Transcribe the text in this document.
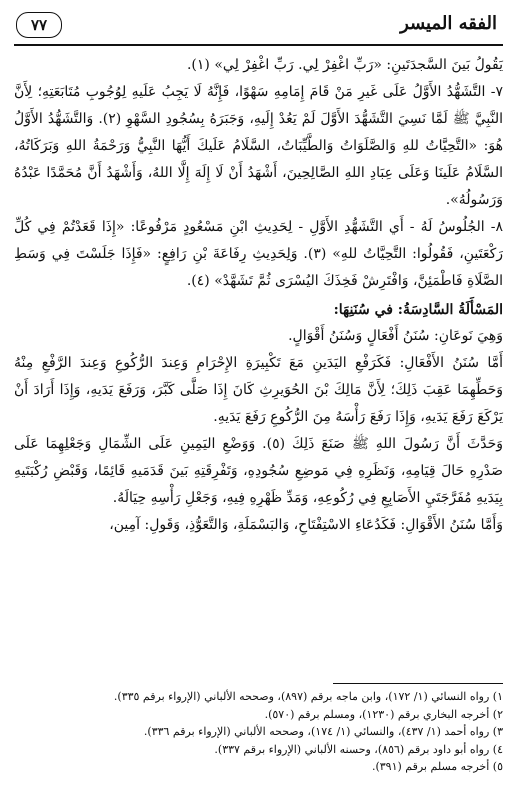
الفقه الميسر
٧٧

يَقُولُ بَينَ السَّجدَتَينِ: «رَبِّ اغْفِرْ لِي. رَبِّ اغْفِرْ لِي» (١).

٧- التَّشَهُّدُ الأَوَّلُ عَلَى غَيرِ مَنْ قَامَ إِمَامِهِ سَهْوًا، فَإِنَّهُ لَا يَجِبُ عَلَيهِ لِوُجُوبِ مُتَابَعَتِهِ؛ لِأَنَّ النَّبِيَّ ﷺ لَمَّا نَسِيَ التَّشَهُّدَ الأَوَّلَ لَمْ يَعُدْ إِلَيهِ، وَجَبَرَهُ بِسُجُودِ السَّهْوِ (٢). وَالتَّشَهُّدُ الأَوَّلُ هُوَ: «التَّحِيَّاتُ للهِ وَالصَّلَوَاتُ وَالطَّيِّبَاتُ، السَّلَامُ عَلَيكَ أَيُّهَا النَّبِيُّ وَرَحْمَةُ اللهِ وَبَرَكَاتُهُ، السَّلَامُ عَلَينَا وَعَلَى عِبَادِ اللهِ الصَّالِحِينَ، أَشْهَدُ أَنْ لَا إِلَهَ إِلَّا اللهُ، وَأَشْهَدُ أَنَّ مُحَمَّدًا عَبْدُهُ وَرَسُولُهُ».

٨- الجُلُوسُ لَهُ - أَي التَّشَهُّدِ الأَوَّلِ - لِحَدِيثِ ابْنِ مَسْعُودٍ مَرْفُوعًا: «إِذَا قَعَدْتُمْ فِي كُلِّ رَكْعَتَينِ، فَقُولُوا: التَّحِيَّاتُ للهِ» (٣). وَلِحَدِيثِ رِفَاعَةَ بْنِ رَافِعٍ: «فَإِذَا جَلَسْتَ فِي وَسَطِ الصَّلَاةِ فَاطْمَئِنَّ، وَافْتَرِشْ فَخِذَكَ اليُسْرَى ثُمَّ تَشَهَّدْ» (٤).

المَسْأَلَةُ السَّادِسَةُ: في سُنَنِهَا:

وَهِيَ نَوعَانِ: سُنَنُ أَفْعَالٍ وَسُنَنُ أَقْوَالٍ.

أَمَّا سُنَنُ الأَفْعَالِ: فَكَرَفْعِ اليَدَينِ مَعَ تَكْبِيرَةِ الإِحْرَامِ وَعِندَ الرُّكُوعِ وَعِندَ الرَّفْعِ مِنْهُ وَحَطِّهِمَا عَقِبَ ذَلِكَ؛ لِأَنَّ مَالِكَ بْنَ الحُوَيرِثِ كَانَ إِذَا صَلَّى كَبَّرَ، وَرَفَعَ يَدَيهِ، وَإِذَا أَرَادَ أَنْ يَرْكَعَ رَفَعَ يَدَيهِ، وَإِذَا رَفَعَ رَأْسَهُ مِنَ الرُّكُوعِ رَفَعَ يَدَيهِ.

وَحَدَّثَ أَنَّ رَسُولَ اللهِ ﷺ صَنَعَ ذَلِكَ (٥). وَوَضْعِ اليَمِينِ عَلَى الشِّمَالِ وَجَعْلِهِمَا عَلَى صَدْرِهِ حَالَ قِيَامِهِ، وَنَظَرِهِ فِي مَوضِعِ سُجُودِهِ، وَتَفْرِقَتِهِ بَينَ قَدَمَيهِ قَائِمًا، وَقَبْضِ رُكْبَتَيهِ بِيَدَيهِ مُفَرَّجَتَيِ الأَصَابِعِ فِي رُكُوعِهِ، وَمَدِّ ظَهْرِهِ فِيهِ، وَجَعْلِ رَأْسِهِ حِيَالَهُ.

وَأَمَّا سُنَنُ الأَقْوَالِ: فَكَدُعَاءِ الاسْتِفْتَاحِ، وَالبَسْمَلَةِ، وَالتَّعَوُّذِ، وَقَولِ: آمِين،

١) رواه النسائي (١/ ١٧٢)، وابن ماجه برقم (٨٩٧)، وصححه الألباني (الإرواء برقم ٣٣٥).

٢) أخرجه البخاري برقم (١٢٣٠)، ومسلم برقم (٥٧٠).

٣) رواه أحمد (١/ ٤٣٧)، والنسائي (١/ ١٧٤)، وصححه الألباني (الإرواء برقم ٣٣٦).

٤) رواه أبو داود برقم (٨٥٦)، وحسنه الألباني (الإرواء برقم ٣٣٧).

٥) أخرجه مسلم برقم (٣٩١).
